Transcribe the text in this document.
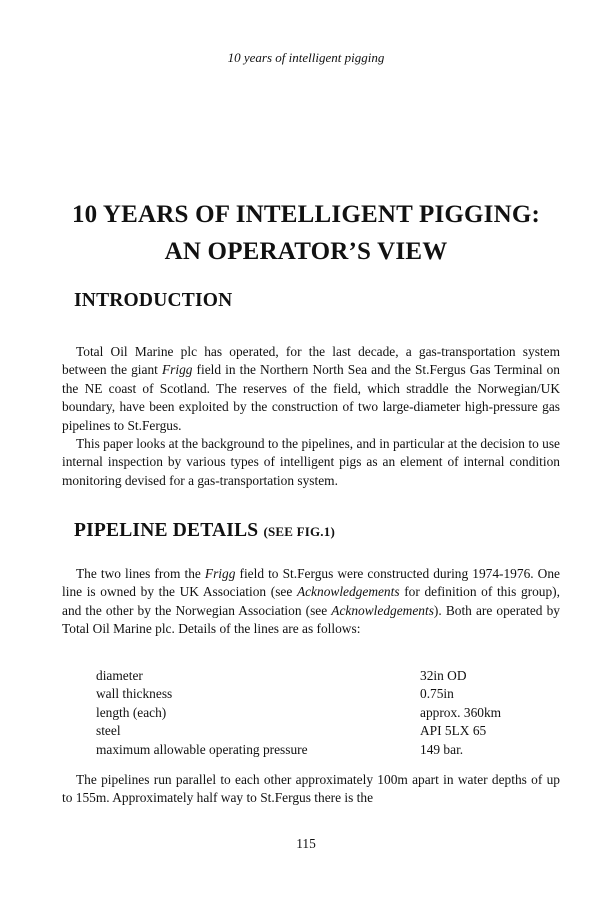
10 years of intelligent pigging
10 YEARS OF INTELLIGENT PIGGING:
AN OPERATOR’S VIEW
INTRODUCTION

Total Oil Marine plc has operated, for the last decade, a gas-transportation system between the giant Frigg field in the Northern North Sea and the St.Fergus Gas Terminal on the NE coast of Scotland. The reserves of the field, which straddle the Norwegian/UK boundary, have been exploited by the construction of two large-diameter high-pressure gas pipelines to St.Fergus.

This paper looks at the background to the pipelines, and in particular at the decision to use internal inspection by various types of intelligent pigs as an element of internal condition monitoring devised for a gas-transportation system.

PIPELINE DETAILS (SEE FIG.1)

The two lines from the Frigg field to St.Fergus were constructed during 1974-1976. One line is owned by the UK Association (see Acknowledgements for definition of this group), and the other by the Norwegian Association (see Acknowledgements). Both are operated by Total Oil Marine plc. Details of the lines are as follows:

diameter	32in OD
wall thickness	0.75in
length (each)	approx. 360km
steel	API 5LX 65
maximum allowable operating pressure	149 bar.

The pipelines run parallel to each other approximately 100m apart in water depths of up to 155m. Approximately half way to St.Fergus there is the

115
